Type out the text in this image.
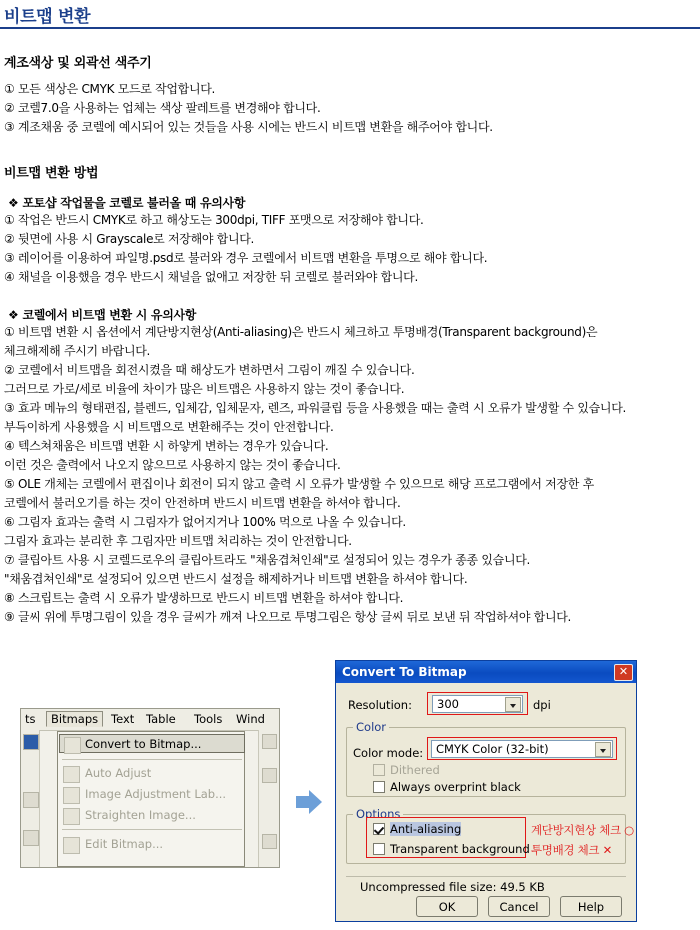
비트맵 변환
계조색상 및 외곽선 색주기
① 모든 색상은 CMYK 모드로 작업합니다.
② 코렐7.0을 사용하는 업체는 색상 팔레트를 변경해야 합니다.
③ 계조채움 중 코렐에 예시되어 있는 것들을 사용 시에는 반드시 비트맵 변환을 해주어야 합니다.
비트맵 변환 방법
❖ 포토샵 작업물을 코렐로 불러올 때 유의사항
① 작업은 반드시 CMYK로 하고 해상도는 300dpi, TIFF 포맷으로 저장해야 합니다.
② 뒷면에 사용 시 Grayscale로 저장해야 합니다.
③ 레이어를 이용하여 파일명.psd로 불러와 경우 코렐에서 비트맵 변환을 투명으로 해야 합니다.
④ 채널을 이용했을 경우 반드시 채널을 없애고 저장한 뒤 코렐로 불러와야 합니다.
❖ 코렐에서 비트맵 변환 시 유의사항
① 비트맵 변환 시 옵션에서 계단방지현상(Anti-aliasing)은 반드시 체크하고 투명배경(Transparent background)은
체크해제해 주시기 바랍니다.
② 코렐에서 비트맵을 회전시켰을 때 해상도가 변하면서 그림이 깨질 수 있습니다.
그러므로 가로/세로 비율에 차이가 많은 비트맵은 사용하지 않는 것이 좋습니다.
③ 효과 메뉴의 형태편집, 블렌드, 입체감, 입체문자, 렌즈, 파워클립 등을 사용했을 때는 출력 시 오류가 발생할 수 있습니다.
부득이하게 사용했을 시 비트맵으로 변환해주는 것이 안전합니다.
④ 텍스쳐채움은 비트맵 변환 시 하얗게 변하는 경우가 있습니다.
이런 것은 출력에서 나오지 않으므로 사용하지 않는 것이 좋습니다.
⑤ OLE 개체는 코렐에서 편집이나 회전이 되지 않고 출력 시 오류가 발생할 수 있으므로 해당 프로그램에서 저장한 후
코렐에서 불러오기를 하는 것이 안전하며 반드시 비트맵 변환을 하셔야 합니다.
⑥ 그림자 효과는 출력 시 그림자가 없어지거나 100% 먹으로 나올 수 있습니다.
그림자 효과는 분리한 후 그림자만 비트맵 처리하는 것이 안전합니다.
⑦ 클립아트 사용 시 코렐드로우의 클립아트라도 "채움겹쳐인쇄"로 설정되어 있는 경우가 종종 있습니다.
"채움겹쳐인쇄"로 설정되어 있으면 반드시 설정을 해제하거나 비트맵 변환을 하셔야 합니다.
⑧ 스크립트는 출력 시 오류가 발생하므로 반드시 비트맵 변환을 하셔야 합니다.
⑨ 글씨 위에 투명그림이 있을 경우 글씨가 깨져 나오므로 투명그림은 항상 글씨 뒤로 보낸 뒤 작업하셔야 합니다.
ts	Bitmaps	Text Table Tools Wind
Convert to Bitmap...
Auto Adjust
Image Adjustment Lab...
Straighten Image...
Edit Bitmap...
Convert To Bitmap	✕
Resolution:	300	dpi
Color
Color mode:	CMYK Color (32-bit)
Dithered
Always overprint black
Options
Anti-aliasing
Transparent background
계단방지현상 체크 ○
투명배경 체크 ✕
Uncompressed file size: 49.5 KB
OK	Cancel	Help
